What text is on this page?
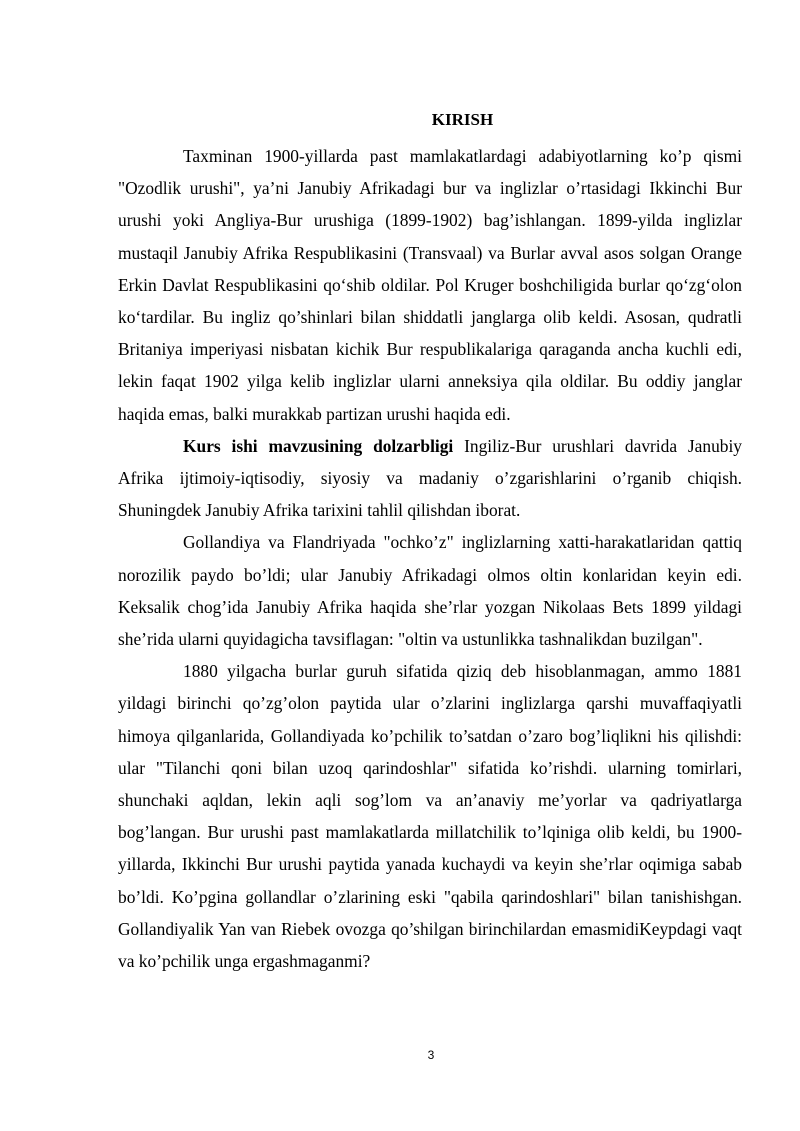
KIRISH

Taxminan 1900-yillarda past mamlakatlardagi adabiyotlarning ko’p qismi "Ozodlik urushi", ya’ni Janubiy Afrikadagi bur va inglizlar o’rtasidagi Ikkinchi Bur urushi yoki Angliya-Bur urushiga (1899-1902) bag’ishlangan. 1899-yilda inglizlar mustaqil Janubiy Afrika Respublikasini (Transvaal) va Burlar avval asos solgan Orange Erkin Davlat Respublikasini qo‘shib oldilar. Pol Kruger boshchiligida burlar qo‘zg‘olon ko‘tardilar. Bu ingliz qo’shinlari bilan shiddatli janglarga olib keldi. Asosan, qudratli Britaniya imperiyasi nisbatan kichik Bur respublikalariga qaraganda ancha kuchli edi, lekin faqat 1902 yilga kelib inglizlar ularni anneksiya qila oldilar. Bu oddiy janglar haqida emas, balki murakkab partizan urushi haqida edi.

Kurs ishi mavzusining dolzarbligi Ingiliz-Bur urushlari davrida Janubiy Afrika ijtimoiy-iqtisodiy, siyosiy va madaniy o’zgarishlarini o’rganib chiqish. Shuningdek Janubiy Afrika tarixini tahlil qilishdan iborat.

Gollandiya va Flandriyada "ochko’z" inglizlarning xatti-harakatlaridan qattiq norozilik paydo bo’ldi; ular Janubiy Afrikadagi olmos oltin konlaridan keyin edi. Keksalik chog’ida Janubiy Afrika haqida she’rlar yozgan Nikolaas Bets 1899 yildagi she’rida ularni quyidagicha tavsiflagan: "oltin va ustunlikka tashnalikdan buzilgan".

1880 yilgacha burlar guruh sifatida qiziq deb hisoblanmagan, ammo 1881 yildagi birinchi qo’zg’olon paytida ular o’zlarini inglizlarga qarshi muvaffaqiyatli himoya qilganlarida, Gollandiyada ko’pchilik to’satdan o’zaro bog’liqlikni his qilishdi: ular "Tilanchi qoni bilan uzoq qarindoshlar" sifatida ko’rishdi. ularning tomirlari, shunchaki aqldan, lekin aqli sog’lom va an’anaviy me’yorlar va qadriyatlarga bog’langan. Bur urushi past mamlakatlarda millatchilik to’lqiniga olib keldi, bu 1900-yillarda, Ikkinchi Bur urushi paytida yanada kuchaydi va keyin she’rlar oqimiga sabab bo’ldi. Ko’pgina gollandlar o’zlarining eski "qabila qarindoshlari" bilan tanishishgan. Gollandiyalik Yan van Riebek ovozga qo’shilgan birinchilardan emasmidiKeypdagi vaqt va ko’pchilik unga ergashmaganmi?

3
